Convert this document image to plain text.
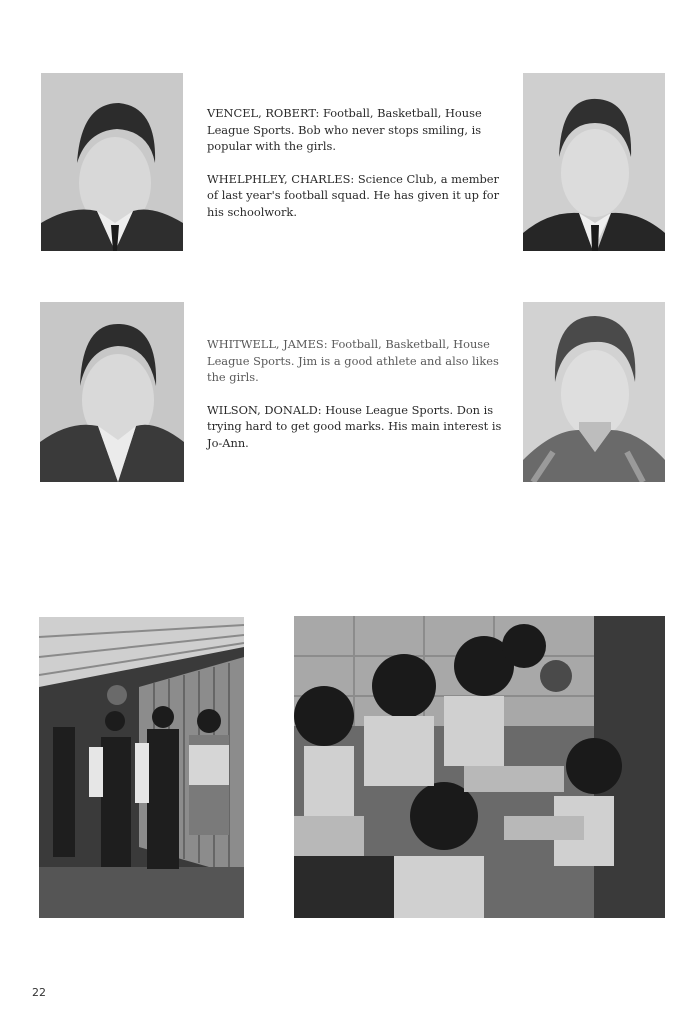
VENCEL, ROBERT: Football, Basketball, House League Sports. Bob who never stops smiling, is popular with the girls.

WHELPHLEY, CHARLES: Science Club, a member of last year's football squad. He has given it up for his schoolwork.

WHITWELL, JAMES: Football, Basketball, House League Sports. Jim is a good athlete and also likes the girls.

WILSON, DONALD: House League Sports. Don is trying hard to get good marks. His main interest is Jo-Ann.

22
